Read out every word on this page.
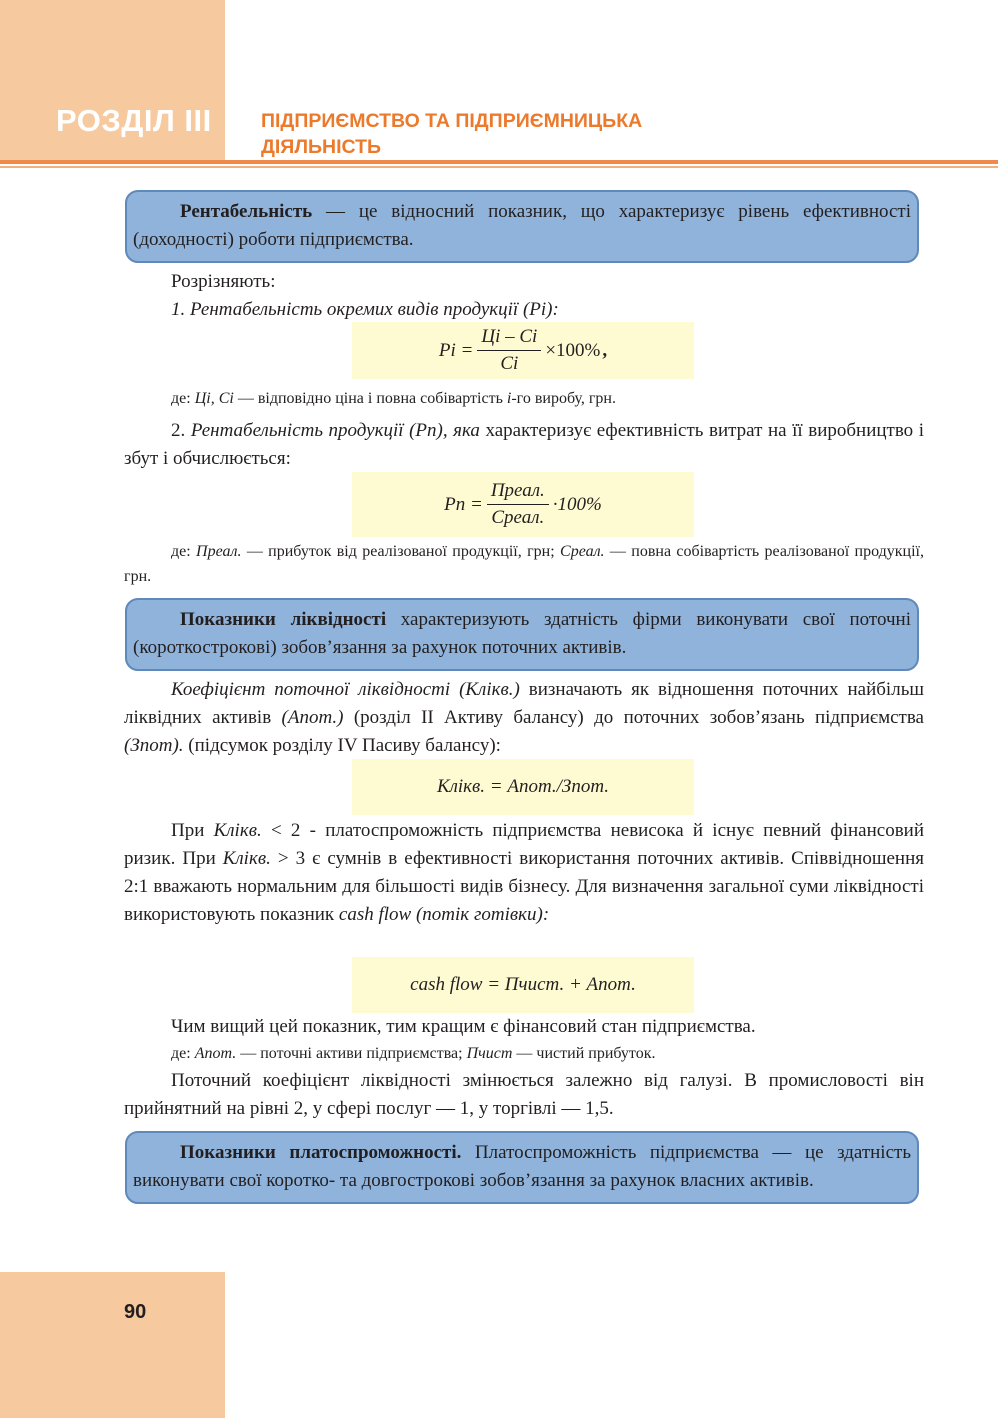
РОЗДІЛ ІІІ	ПІДПРИЄМСТВО ТА ПІДПРИЄМНИЦЬКА
ДІЯЛЬНІСТЬ
Рентабельність — це відносний показник, що характеризує рівень ефективності (доходності) роботи підприємства.

Розрізняють:

1. Рентабельність окремих видів продукції (Рі):

Рі = $\frac{Ці - Сі}{Сі} \times 100\%$ ,

де: Ці, Сі — відповідно ціна і повна собівартість і-го виробу, грн.

2. Рентабельність продукції (Рп), яка характеризує ефективність витрат на її виробництво і збут і обчислюється:

Рп = $\frac{\text{Преал.}}{\text{Среал.}} \cdot 100\%$

де: Преал. — прибуток від реалізованої продукції, грн; Среал. — повна собівартість реалізованої продукції, грн.

Показники ліквідності характеризують здатність фірми виконувати свої поточні (короткострокові) зобов’язання за рахунок поточних активів.

Коефіцієнт поточної ліквідності (Клікв.) визначають як відношення поточних найбільш ліквідних активів (Апот.) (розділ II Активу балансу) до поточних зобов’язань підприємства (Зпот). (підсумок розділу IV Пасиву балансу):

Клікв. = Апот./Зпот.

При Клікв. < 2 - платоспроможність підприємства невисока й існує певний фінансовий ризик. При Клікв. > 3 є сумнів в ефективності використання поточних активів. Співвідношення 2:1 вважають нормальним для більшості видів бізнесу. Для визначення загальної суми ліквідності використовують показник cash flow (потік готівки):

cash flow = Пчист. + Апот.

Чим вищий цей показник, тим кращим є фінансовий стан підприємства.

де: Апот. — поточні активи підприємства; Пчист — чистий прибуток.

Поточний коефіцієнт ліквідності змінюється залежно від галузі. В промисловості він прийнятний на рівні 2, у сфері послуг — 1, у торгівлі — 1,5.

Показники платоспроможності. Платоспроможність підприємства — це здатність виконувати свої коротко- та довгострокові зобов’язання за рахунок власних активів.
90
